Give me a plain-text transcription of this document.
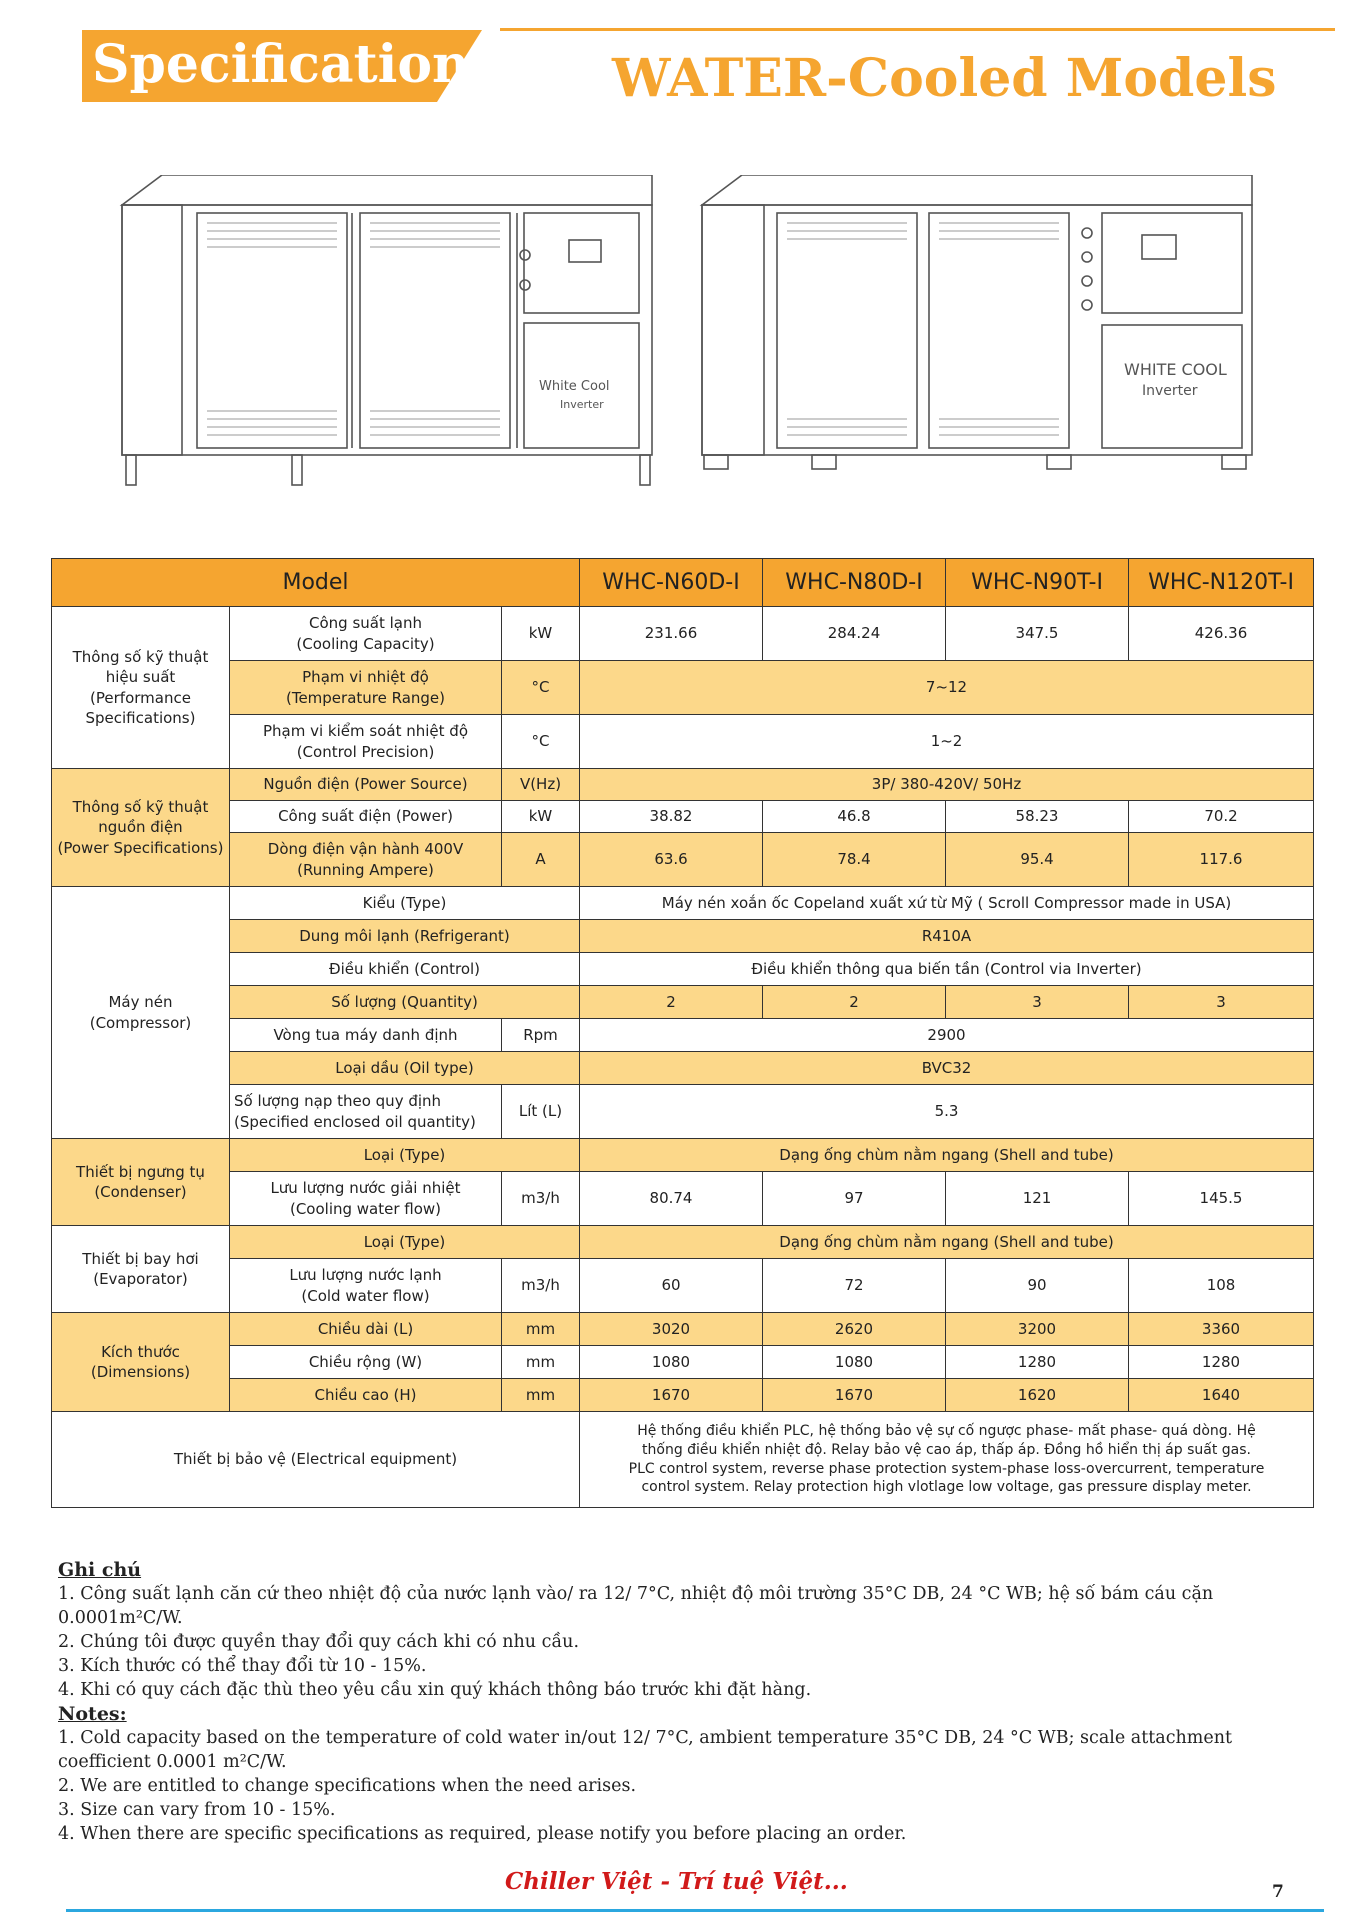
Specifications WATER-Cooled Models
White Cool
Inverter
WHITE COOL
Inverter
Model			WHC-N60D-I	WHC-N80D-I	WHC-N90T-I	WHC-N120T-I
Thông số kỹ thuật
hiệu suất
(Performance
Specifications)	Công suất lạnh
(Cooling Capacity)	kW	231.66	284.24	347.5	426.36
	Phạm vi nhiệt độ
(Temperature Range)	°C	7~12			
	Phạm vi kiểm soát nhiệt độ
(Control Precision)	°C	1~2			
Thông số kỹ thuật
nguồn điện
(Power Specifications)	Nguồn điện (Power Source)	V(Hz)	3P/ 380-420V/ 50Hz			
	Công suất điện (Power)	kW	38.82	46.8	58.23	70.2
	Dòng điện vận hành 400V
(Running Ampere)	A	63.6	78.4	95.4	117.6
Máy nén
(Compressor)	Kiểu (Type)		Máy nén xoắn ốc Copeland xuất xứ từ Mỹ ( Scroll Compressor made in USA)			
	Dung môi lạnh (Refrigerant)		R410A			
	Điều khiển (Control)		Điều khiển thông qua biến tần (Control via Inverter)			
	Số lượng (Quantity)		2	2	3	3
	Vòng tua máy danh định	Rpm	2900			
	Loại dầu (Oil type)		BVC32			
	Số lượng nạp theo quy định
(Specified enclosed oil quantity)	Lít (L)	5.3			
Thiết bị ngưng tụ
(Condenser)	Loại (Type)		Dạng ống chùm nằm ngang (Shell and tube)			
	Lưu lượng nước giải nhiệt
(Cooling water flow)	m3/h	80.74	97	121	145.5
Thiết bị bay hơi
(Evaporator)	Loại (Type)		Dạng ống chùm nằm ngang (Shell and tube)			
	Lưu lượng nước lạnh
(Cold water flow)	m3/h	60	72	90	108
Kích thước
(Dimensions)	Chiều dài (L)	mm	3020	2620	3200	3360
	Chiều rộng (W)	mm	1080	1080	1280	1280
	Chiều cao (H)	mm	1670	1670	1620	1640
Thiết bị bảo vệ (Electrical equipment)			Hệ thống điều khiển PLC, hệ thống bảo vệ sự cố ngược phase- mất phase- quá dòng. Hệ
thống điều khiển nhiệt độ. Relay bảo vệ cao áp, thấp áp. Đồng hồ hiển thị áp suất gas.
PLC control system, reverse phase protection system-phase loss-overcurrent, temperature
control system. Relay protection high vlotlage low voltage, gas pressure display meter.			
Ghi chú

1. Công suất lạnh căn cứ theo nhiệt độ của nước lạnh vào/ ra 12/ 7°C, nhiệt độ môi trường 35°C DB, 24 °C WB; hệ số bám cáu cặn 0.0001m²C/W.

2. Chúng tôi được quyền thay đổi quy cách khi có nhu cầu.

3. Kích thước có thể thay đổi từ 10 - 15%.

4. Khi có quy cách đặc thù theo yêu cầu xin quý khách thông báo trước khi đặt hàng.

Notes:

1. Cold capacity based on the temperature of cold water in/out 12/ 7°C, ambient temperature 35°C DB, 24 °C WB; scale attachment coefficient 0.0001 m²C/W.

2. We are entitled to change specifications when the need arises.

3. Size can vary from 10 - 15%.

4. When there are specific specifications as required, please notify you before placing an order.

Chiller Việt - Trí tuệ Việt...	7
